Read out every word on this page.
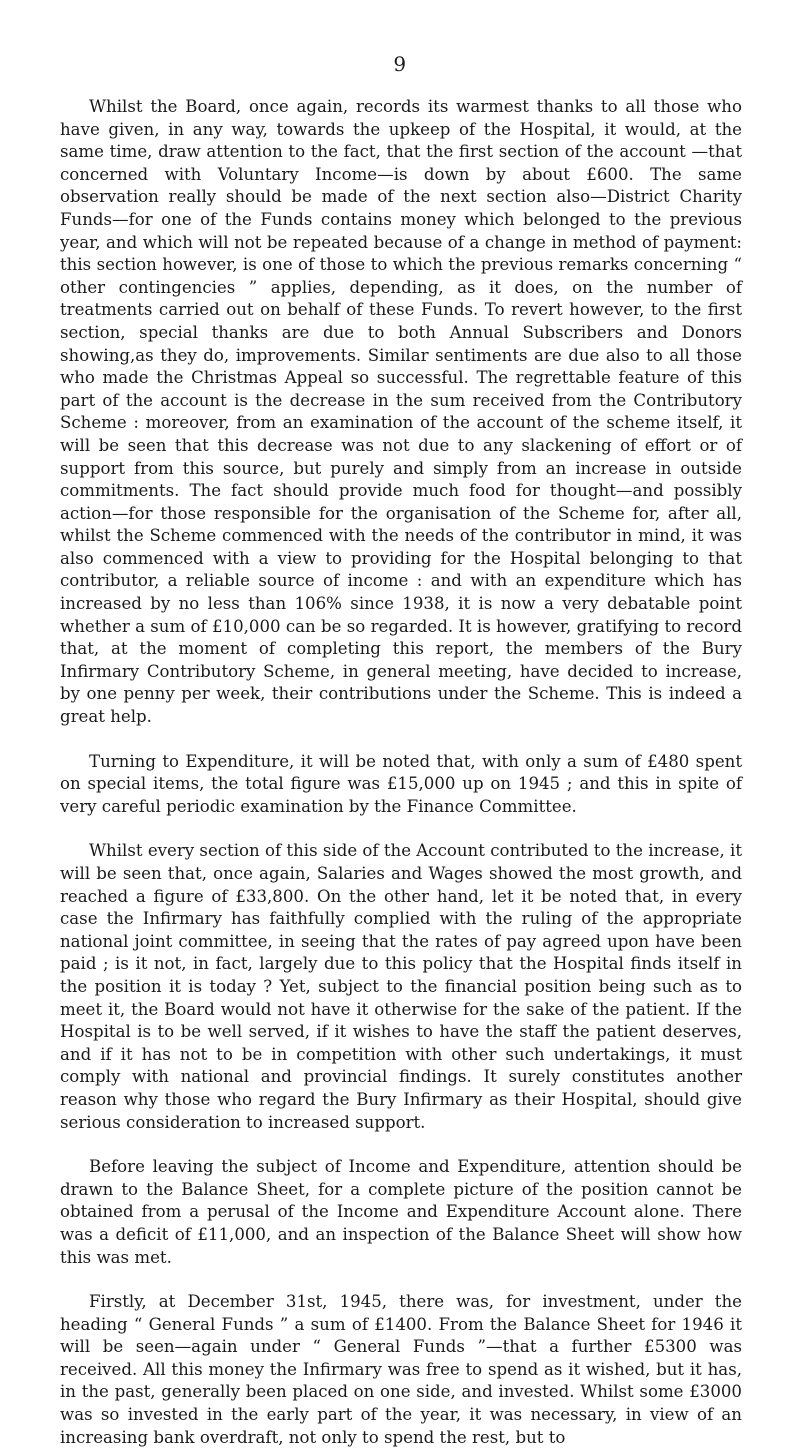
9

Whilst the Board, once again, records its warmest thanks to all those who have given, in any way, towards the upkeep of the Hospital, it would, at the same time, draw attention to the fact, that the first section of the account —that concerned with Voluntary Income—is down by about £600. The same observation really should be made of the next section also—District Charity Funds—for one of the Funds contains money which belonged to the previous year, and which will not be repeated because of a change in method of payment: this section however, is one of those to which the previous remarks concerning “ other contingencies ” applies, depending, as it does, on the number of treatments carried out on behalf of these Funds. To revert however, to the first section, special thanks are due to both Annual Subscribers and Donors showing,as they do, improvements. Similar sentiments are due also to all those who made the Christmas Appeal so successful. The regrettable feature of this part of the account is the decrease in the sum received from the Contributory Scheme : moreover, from an examination of the account of the scheme itself, it will be seen that this decrease was not due to any slackening of effort or of support from this source, but purely and simply from an increase in outside commitments. The fact should provide much food for thought—and possibly action—for those responsible for the organisation of the Scheme for, after all, whilst the Scheme commenced with the needs of the contributor in mind, it was also commenced with a view to providing for the Hospital belonging to that contributor, a reliable source of income : and with an expenditure which has increased by no less than 106% since 1938, it is now a very debatable point whether a sum of £10,000 can be so regarded. It is however, gratifying to record that, at the moment of completing this report, the members of the Bury Infirmary Contributory Scheme, in general meeting, have decided to increase, by one penny per week, their contributions under the Scheme. This is indeed a great help.

Turning to Expenditure, it will be noted that, with only a sum of £480 spent on special items, the total figure was £15,000 up on 1945 ; and this in spite of very careful periodic examination by the Finance Committee.

Whilst every section of this side of the Account contributed to the increase, it will be seen that, once again, Salaries and Wages showed the most growth, and reached a figure of £33,800. On the other hand, let it be noted that, in every case the Infirmary has faithfully complied with the ruling of the appropriate national joint committee, in seeing that the rates of pay agreed upon have been paid ; is it not, in fact, largely due to this policy that the Hospital finds itself in the position it is today ? Yet, subject to the financial position being such as to meet it, the Board would not have it otherwise for the sake of the patient. If the Hospital is to be well served, if it wishes to have the staff the patient deserves, and if it has not to be in competition with other such undertakings, it must comply with national and provincial findings. It surely constitutes another reason why those who regard the Bury Infirmary as their Hospital, should give serious consideration to increased support.

Before leaving the subject of Income and Expenditure, attention should be drawn to the Balance Sheet, for a complete picture of the position cannot be obtained from a perusal of the Income and Expenditure Account alone. There was a deficit of £11,000, and an inspection of the Balance Sheet will show how this was met.

Firstly, at December 31st, 1945, there was, for investment, under the heading “ General Funds ” a sum of £1400. From the Balance Sheet for 1946 it will be seen—again under “ General Funds ”—that a further £5300 was received. All this money the Infirmary was free to spend as it wished, but it has, in the past, generally been placed on one side, and invested. Whilst some £3000 was so invested in the early part of the year, it was necessary, in view of an increasing bank overdraft, not only to spend the rest, but to
